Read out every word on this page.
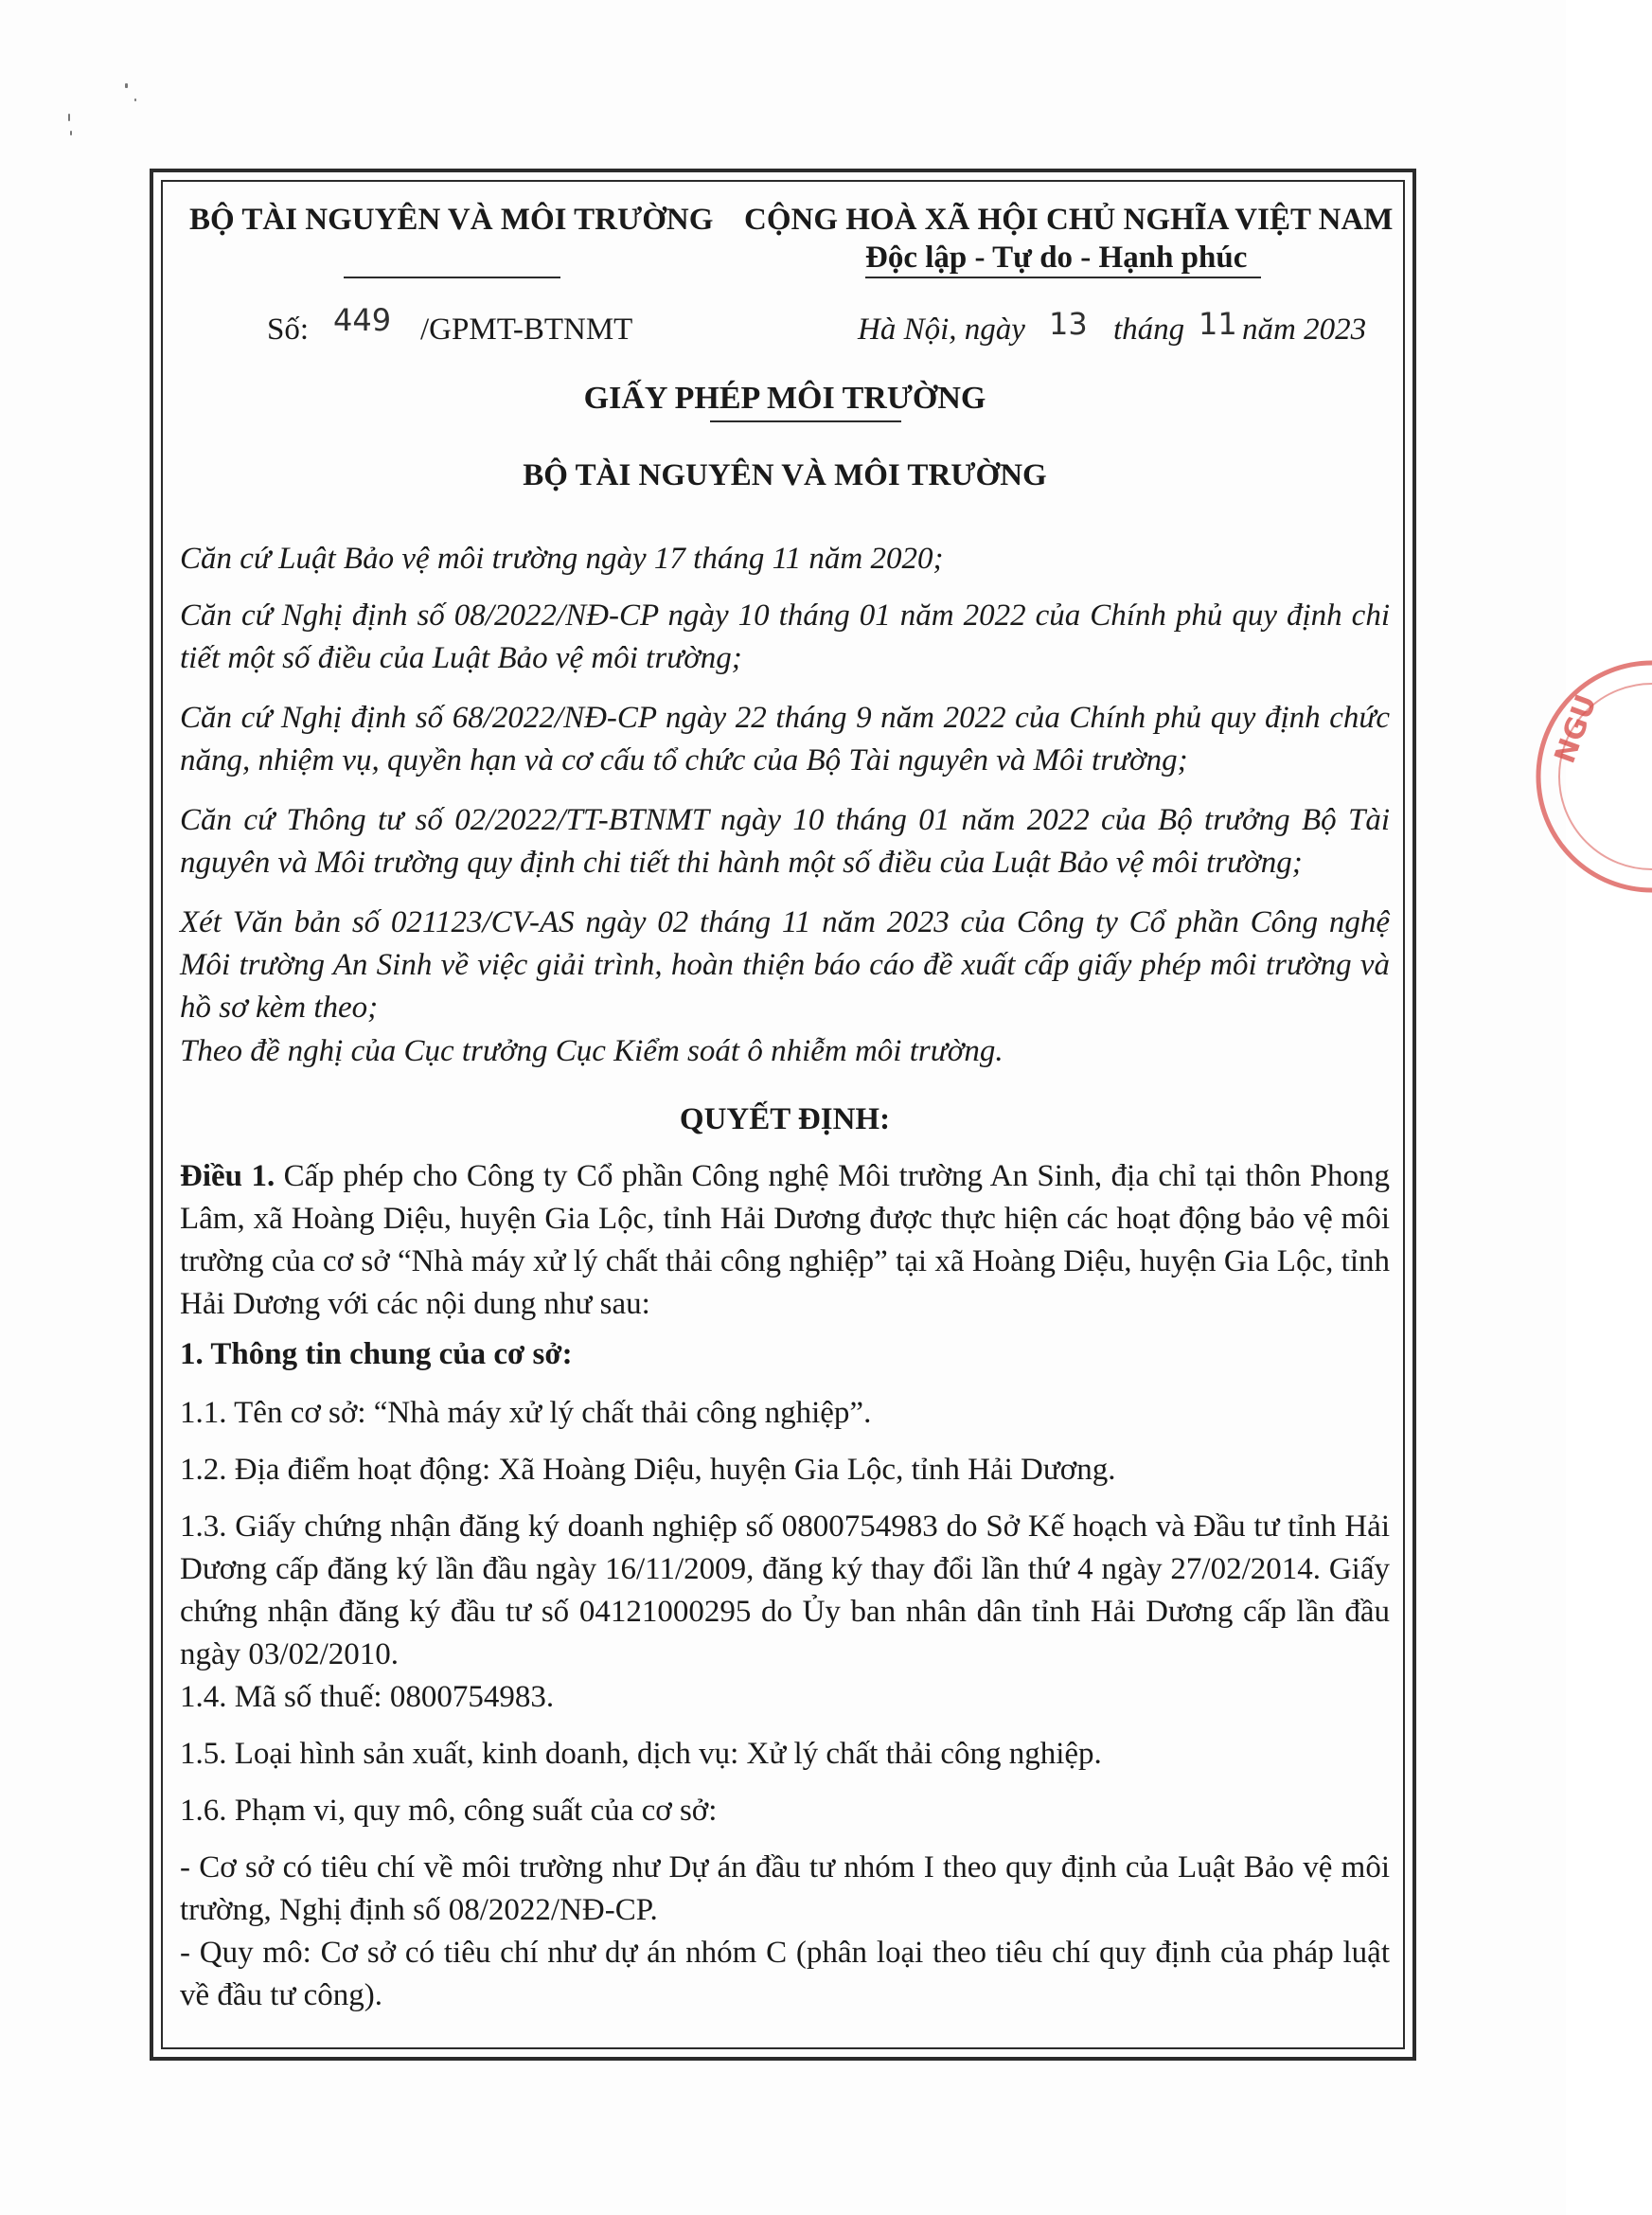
BỘ TÀI NGUYÊN VÀ MÔI TRƯỜNG CỘNG HOÀ XÃ HỘI CHỦ NGHĨA VIỆT NAM
Độc lập - Tự do - Hạnh phúc
Số: 449 /GPMT-BTNMT	Hà Nội, ngày 13 tháng 11 năm 2023
GIẤY PHÉP MÔI TRƯỜNG
BỘ TÀI NGUYÊN VÀ MÔI TRƯỜNG
Căn cứ Luật Bảo vệ môi trường ngày 17 tháng 11 năm 2020;
Căn cứ Nghị định số 08/2022/NĐ-CP ngày 10 tháng 01 năm 2022 của Chính phủ quy định chi tiết một số điều của Luật Bảo vệ môi trường;
Căn cứ Nghị định số 68/2022/NĐ-CP ngày 22 tháng 9 năm 2022 của Chính phủ quy định chức năng, nhiệm vụ, quyền hạn và cơ cấu tổ chức của Bộ Tài nguyên và Môi trường;
Căn cứ Thông tư số 02/2022/TT-BTNMT ngày 10 tháng 01 năm 2022 của Bộ trưởng Bộ Tài nguyên và Môi trường quy định chi tiết thi hành một số điều của Luật Bảo vệ môi trường;
Xét Văn bản số 021123/CV-AS ngày 02 tháng 11 năm 2023 của Công ty Cổ phần Công nghệ Môi trường An Sinh về việc giải trình, hoàn thiện báo cáo đề xuất cấp giấy phép môi trường và hồ sơ kèm theo;
Theo đề nghị của Cục trưởng Cục Kiểm soát ô nhiễm môi trường.
QUYẾT ĐỊNH:
Điều 1. Cấp phép cho Công ty Cổ phần Công nghệ Môi trường An Sinh, địa chỉ tại thôn Phong Lâm, xã Hoàng Diệu, huyện Gia Lộc, tỉnh Hải Dương được thực hiện các hoạt động bảo vệ môi trường của cơ sở “Nhà máy xử lý chất thải công nghiệp” tại xã Hoàng Diệu, huyện Gia Lộc, tỉnh Hải Dương với các nội dung như sau:
1. Thông tin chung của cơ sở:
1.1. Tên cơ sở: “Nhà máy xử lý chất thải công nghiệp”.
1.2. Địa điểm hoạt động: Xã Hoàng Diệu, huyện Gia Lộc, tỉnh Hải Dương.
1.3. Giấy chứng nhận đăng ký doanh nghiệp số 0800754983 do Sở Kế hoạch và Đầu tư tỉnh Hải Dương cấp đăng ký lần đầu ngày 16/11/2009, đăng ký thay đổi lần thứ 4 ngày 27/02/2014. Giấy chứng nhận đăng ký đầu tư số 04121000295 do Ủy ban nhân dân tỉnh Hải Dương cấp lần đầu ngày 03/02/2010.
1.4. Mã số thuế: 0800754983.
1.5. Loại hình sản xuất, kinh doanh, dịch vụ: Xử lý chất thải công nghiệp.
1.6. Phạm vi, quy mô, công suất của cơ sở:
- Cơ sở có tiêu chí về môi trường như Dự án đầu tư nhóm I theo quy định của Luật Bảo vệ môi trường, Nghị định số 08/2022/NĐ-CP.
- Quy mô: Cơ sở có tiêu chí như dự án nhóm C (phân loại theo tiêu chí quy định của pháp luật về đầu tư công).
NGU
